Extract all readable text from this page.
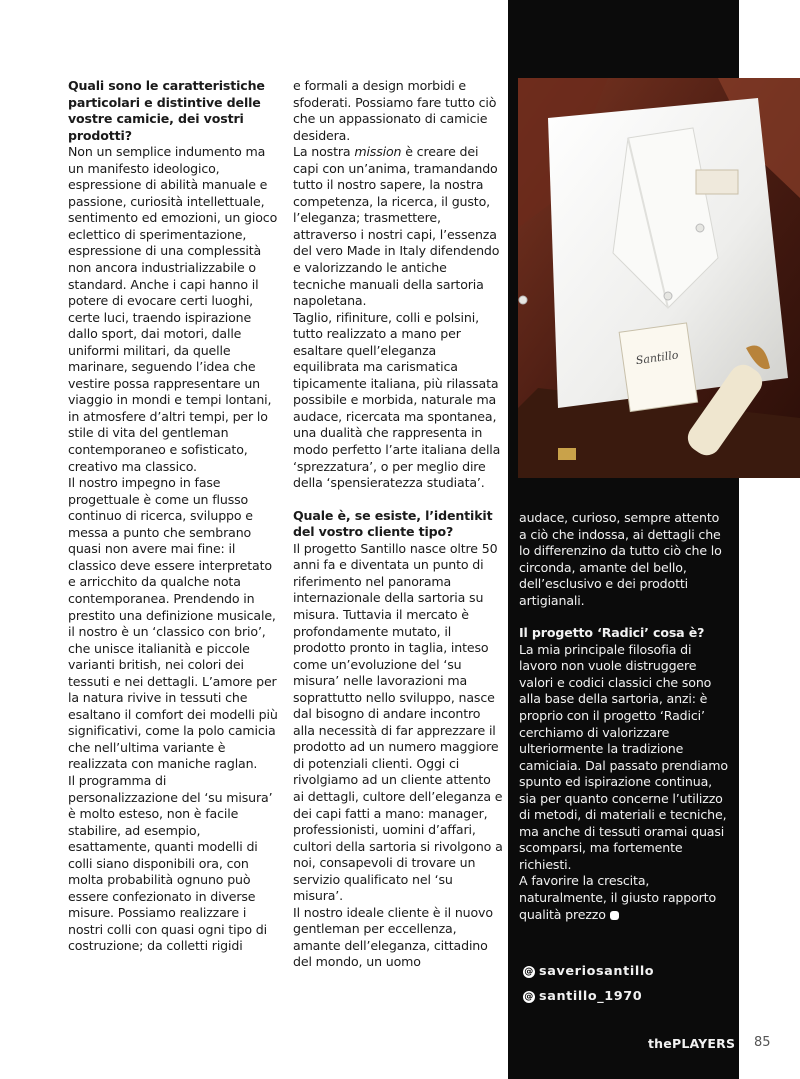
Santillo

Quali sono le caratteristiche particolari e distintive delle vostre camicie, dei vostri prodotti?

Non un semplice indumento ma un manifesto ideologico, espressione di abilità manuale e passione, curiosità intellettuale, sentimento ed emozioni, un gioco eclettico di sperimentazione, espressione di una complessità non ancora industrializzabile o standard. Anche i capi hanno il potere di evocare certi luoghi, certe luci, traendo ispirazione dallo sport, dai motori, dalle uniformi militari, da quelle marinare, seguendo l’idea che vestire possa rappresentare un viaggio in mondi e tempi lontani, in atmosfere d’altri tempi, per lo stile di vita del gentleman contemporaneo e sofisticato, creativo ma classico.

Il nostro impegno in fase progettuale è come un flusso continuo di ricerca, sviluppo e messa a punto che sembrano quasi non avere mai fine: il classico deve essere interpretato e arricchito da qualche nota contemporanea. Prendendo in prestito una definizione musicale, il nostro è un ‘classico con brio’, che unisce italianità e piccole varianti british, nei colori dei tessuti e nei dettagli. L’amore per la natura rivive in tessuti che esaltano il comfort dei modelli più significativi, come la polo camicia che nell’ultima variante è realizzata con maniche raglan.

Il programma di personalizzazione del ‘su misura’ è molto esteso, non è facile stabilire, ad esempio, esattamente, quanti modelli di colli siano disponibili ora, con molta probabilità ognuno può essere confezionato in diverse misure. Possiamo realizzare i nostri colli con quasi ogni tipo di costruzione; da colletti rigidi

e formali a design morbidi e sfoderati. Possiamo fare tutto ciò che un appassionato di camicie desidera.

La nostra mission è creare dei capi con un’anima, tramandando tutto il nostro sapere, la nostra competenza, la ricerca, il gusto, l’eleganza; trasmettere, attraverso i nostri capi, l’essenza del vero Made in Italy difendendo e valorizzando le antiche tecniche manuali della sartoria napoletana.

Taglio, rifiniture, colli e polsini, tutto realizzato a mano per esaltare quell’eleganza equilibrata ma carismatica tipicamente italiana, più rilassata possibile e morbida, naturale ma audace, ricercata ma spontanea, una dualità che rappresenta in modo perfetto l’arte italiana della ‘sprezzatura’, o per meglio dire della ‘spensieratezza studiata’.

Quale è, se esiste, l’identikit del vostro cliente tipo?

Il progetto Santillo nasce oltre 50 anni fa e diventata un punto di riferimento nel panorama internazionale della sartoria su misura. Tuttavia il mercato è profondamente mutato, il prodotto pronto in taglia, inteso come un’evoluzione del ‘su misura’ nelle lavorazioni ma soprattutto nello sviluppo, nasce dal bisogno di andare incontro alla necessità di far apprezzare il prodotto ad un numero maggiore di potenziali clienti. Oggi ci rivolgiamo ad un cliente attento ai dettagli, cultore dell’eleganza e dei capi fatti a mano: manager, professionisti, uomini d’affari, cultori della sartoria si rivolgono a noi, consapevoli di trovare un servizio qualificato nel ‘su misura’.

Il nostro ideale cliente è il nuovo gentleman per eccellenza, amante dell’eleganza, cittadino del mondo, un uomo

audace, curioso, sempre attento a ciò che indossa, ai dettagli che lo differenzino da tutto ciò che lo circonda, amante del bello, dell’esclusivo e dei prodotti artigianali.

Il progetto ‘Radici’ cosa è?

La mia principale filosofia di lavoro non vuole distruggere valori e codici classici che sono alla base della sartoria, anzi: è proprio con il progetto ‘Radici’ cerchiamo di valorizzare ulteriormente la tradizione camiciaia. Dal passato prendiamo spunto ed ispirazione continua, sia per quanto concerne l’utilizzo di metodi, di materiali e tecniche, ma anche di tessuti oramai quasi scomparsi, ma fortemente richiesti.

A favorire la crescita, naturalmente, il giusto rapporto qualità prezzo

@ saveriosantillo
@ santillo_1970
thePLAYERS 85
